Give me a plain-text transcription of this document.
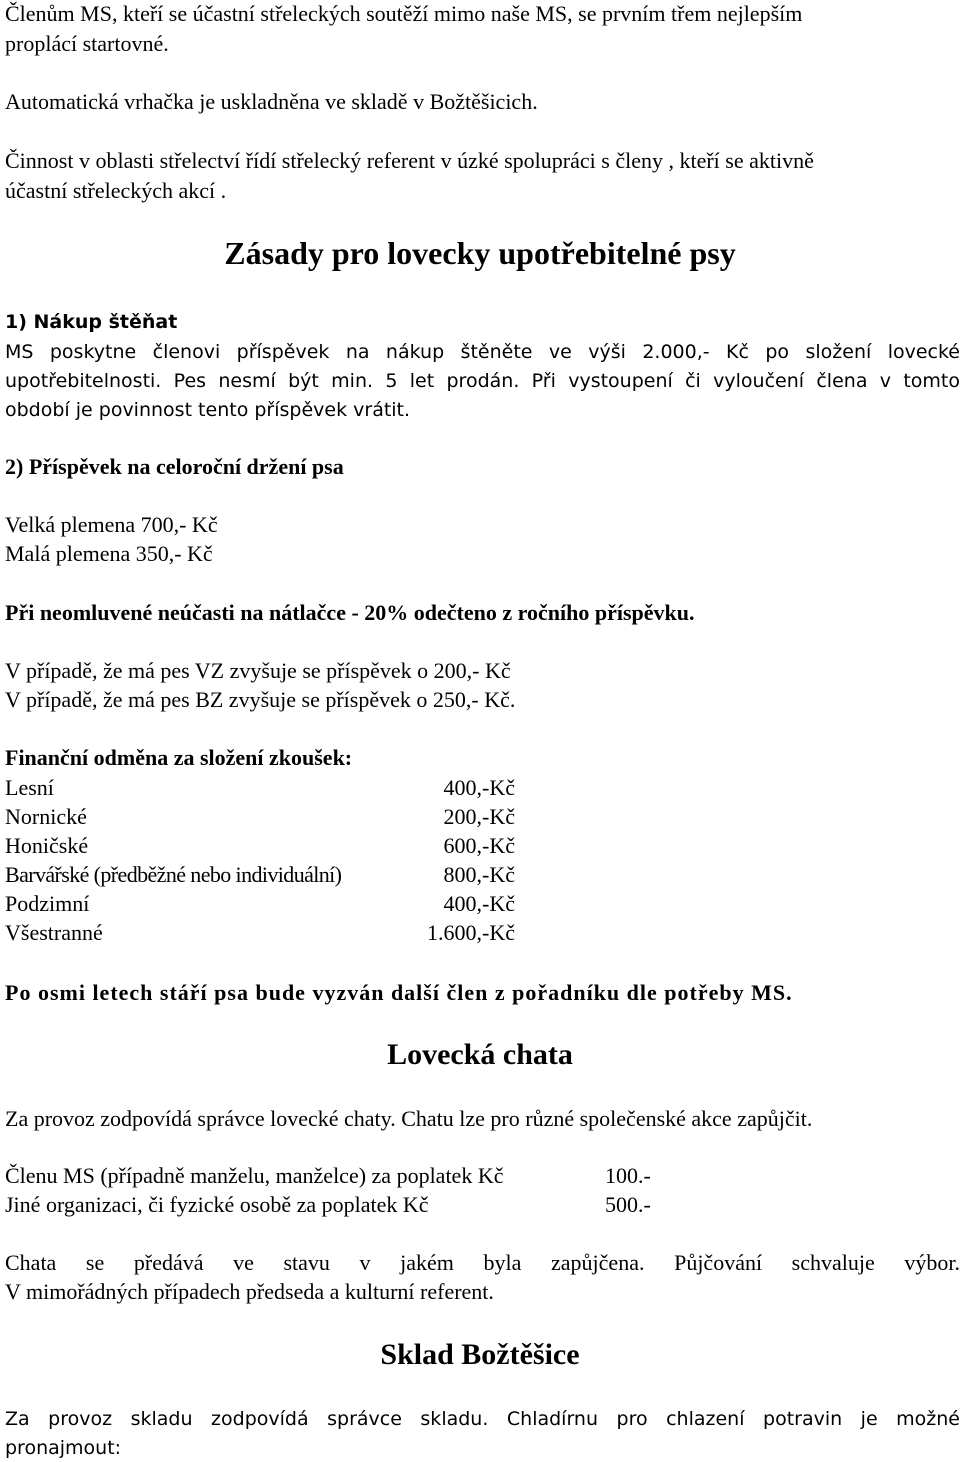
Členům MS, kteří se účastní střeleckých soutěží mimo naše MS, se prvním třem nejlepším
proplácí startovné.
Automatická vrhačka je uskladněna ve skladě v Božtěšicich.
Činnost v oblasti střelectví řídí střelecký referent v úzké spolupráci s členy , kteří se aktivně
účastní střeleckých akcí .
Zásady pro lovecky upotřebitelné psy
1) Nákup štěňat
MS poskytne členovi příspěvek na nákup štěněte ve výši 2.000,- Kč po složení lovecké
upotřebitelnosti. Pes nesmí být min. 5 let prodán. Při vystoupení či vyloučení člena v tomto
období je povinnost tento příspěvek vrátit.
2) Příspěvek na celoroční držení psa
Velká plemena 700,- Kč
Malá plemena 350,- Kč
Při neomluvené neúčasti na nátlačce - 20% odečteno z ročního příspěvku.
V případě, že má pes VZ zvyšuje se příspěvek o 200,- Kč
V případě, že má pes BZ zvyšuje se příspěvek o 250,- Kč.
Finanční odměna za složení zkoušek:
Lesní	400,-Kč
Nornické	200,-Kč
Honičské	600,-Kč
Barvářské (předběžné nebo individuální)	800,-Kč
Podzimní	400,-Kč
Všestranné	1.600,-Kč
Po osmi letech stáří psa bude vyzván další člen z pořadníku dle potřeby MS.
Lovecká chata
Za provoz zodpovídá správce lovecké chaty. Chatu lze pro různé společenské akce zapůjčit.
Členu MS (případně manželu, manželce) za poplatek Kč	100.-
Jiné organizaci, či fyzické osobě za poplatek Kč	500.-
Chata se předává ve stavu v jakém byla zapůjčena. Půjčování schvaluje výbor.
V mimořádných případech předseda a kulturní referent.
Sklad Božtěšice
Za provoz skladu zodpovídá správce skladu. Chladírnu pro chlazení potravin je možné
pronajmout:
